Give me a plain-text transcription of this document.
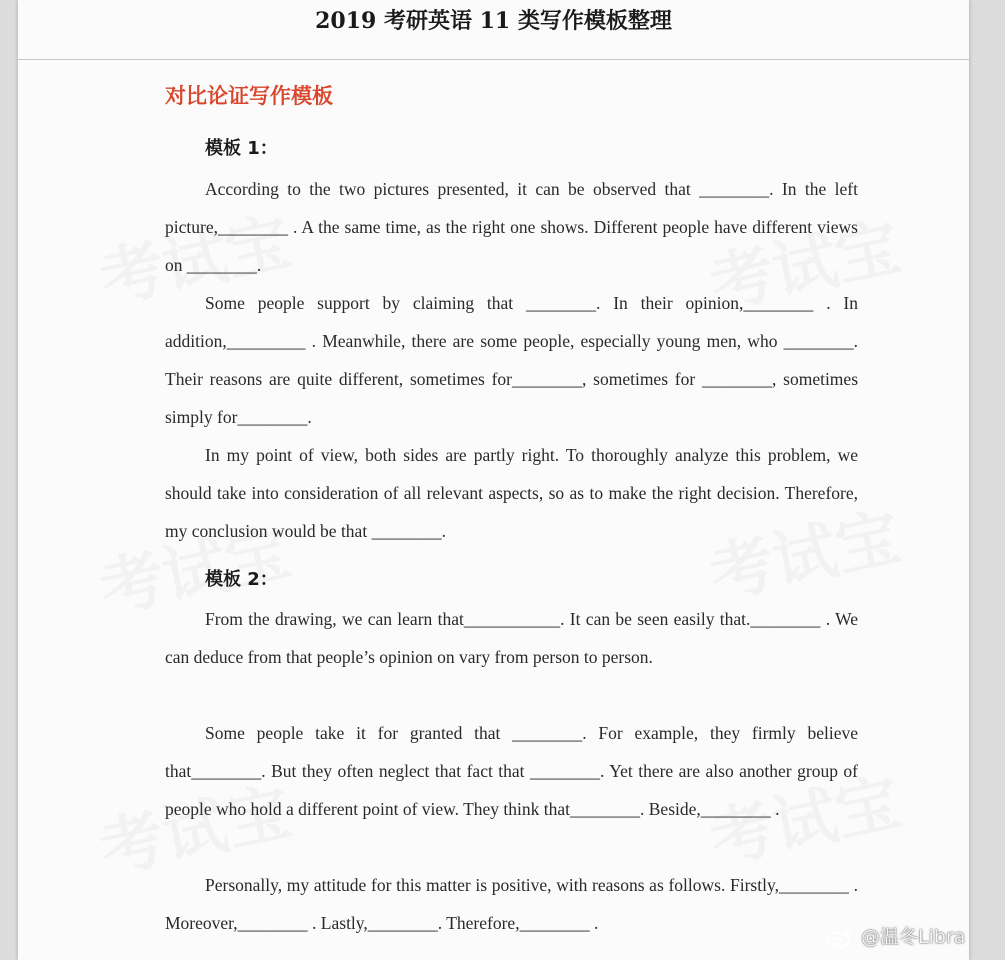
2019 考研英语 11 类写作模板整理
对比论证写作模板
模板 1：

According to the two pictures presented, it can be observed that ________. In the left picture,________ . A the same time, as the right one shows. Different people have different views on ________.

Some people support by claiming that ________. In their opinion,________ . In addition,_________ . Meanwhile, there are some people, especially young men, who ________. Their reasons are quite different, sometimes for________, sometimes for ________, sometimes simply for________.

In my point of view, both sides are partly right. To thoroughly analyze this problem, we should take into consideration of all relevant aspects, so as to make the right decision. Therefore, my conclusion would be that ________.

模板 2：

From the drawing, we can learn that___________. It can be seen easily that.________ . We can deduce from that people’s opinion on vary from person to person.

Some people take it for granted that ________. For example, they firmly believe that________. But they often neglect that fact that ________. Yet there are also another group of people who hold a different point of view. They think that________. Beside,________ .

Personally, my attitude for this matter is positive, with reasons as follows. Firstly,________ . Moreover,________ . Lastly,________. Therefore,________ .

@温冬Libra
